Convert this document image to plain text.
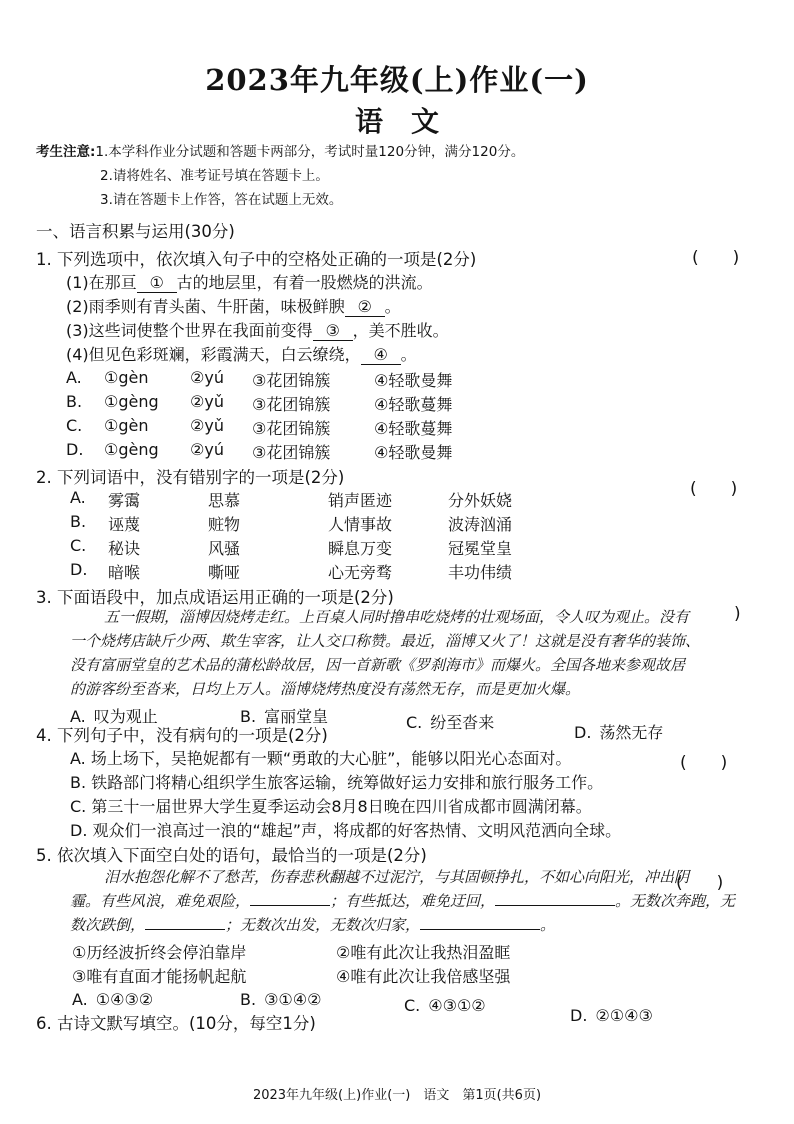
2023年九年级(上)作业(一)
语　文
考生注意:1.本学科作业分试题和答题卡两部分，考试时量120分钟，满分120分。
2.请将姓名、准考证号填在答题卡上。
3.请在答题卡上作答，答在试题上无效。
一、语言积累与运用(30分)
1. 下列选项中，依次填入句子中的空格处正确的一项是(2分)	(　　)
(1)在那亘 ① 古的地层里，有着一股燃烧的洪流。
(2)雨季则有青头菌、牛肝菌，味极鲜腴 ② 。
(3)这些词使整个世界在我面前变得 ③ ，美不胜收。
(4)但见色彩斑斓，彩霞满天，白云缭绕， ④ 。
A.	①gèn	②yú	③花团锦簇	④轻歌曼舞
B.	①gèng	②yǔ	③花团锦簇	④轻歌蔓舞
C.	①gèn	②yǔ	③花团锦簇	④轻歌蔓舞
D.	①gèng	②yú	③花团锦簇	④轻歌曼舞
2. 下列词语中，没有错别字的一项是(2分)
(　　)
A.	雾霭	思慕	销声匿迹	分外妖娆
B.	诬蔑	赃物	人情事故	波涛汹涌
C.	秘诀	风骚	瞬息万变	冠冕堂皇
D.	暗喉	嘶哑	心无旁骛	丰功伟绩
3. 下面语段中，加点成语运用正确的一项是(2分)
)
五一假期，淄博因烧烤走红。上百桌人同时撸串吃烧烤的壮观场面，令人叹为观止。没有
一个烧烤店缺斤少两、欺生宰客，让人交口称赞。最近，淄博又火了！这就是没有奢华的装饰、
没有富丽堂皇的艺术品的蒲松龄故居，因一首新歌《罗刹海市》而爆火。全国各地来参观故居
的游客纷至沓来，日均上万人。淄博烧烤热度没有荡然无存，而是更加火爆。
A.  叹为观止	B.  富丽堂皇	C.  纷至沓来
D.  荡然无存
4. 下列句子中，没有病句的一项是(2分)
(　　)
A. 场上场下，吴艳妮都有一颗“勇敢的大心脏”，能够以阳光心态面对。
B. 铁路部门将精心组织学生旅客运输，统筹做好运力安排和旅行服务工作。
C. 第三十一届世界大学生夏季运动会8月8日晚在四川省成都市圆满闭幕。
D. 观众们一浪高过一浪的“雄起”声，将成都的好客热情、文明风范洒向全球。
5. 依次填入下面空白处的语句，最恰当的一项是(2分)
(　　)
泪水抱怨化解不了愁苦，伤春悲秋翻越不过泥泞，与其固顿挣扎，不如心向阳光，冲出阴
霾。有些风浪，难免艰险，	；有些抵达，难免迂回，	。无数次奔跑，无
数次跌倒，	；无数次出发，无数次归家，	。
①历经波折终会停泊靠岸	②唯有此次让我热泪盈眶
③唯有直面才能扬帆起航	④唯有此次让我倍感坚强
A.  ①④③②	B.  ③①④②	C.  ④③①②
D.  ②①④③
6. 古诗文默写填空。(10分，每空1分)
2023年九年级(上)作业(一)　语文　第1页(共6页)
